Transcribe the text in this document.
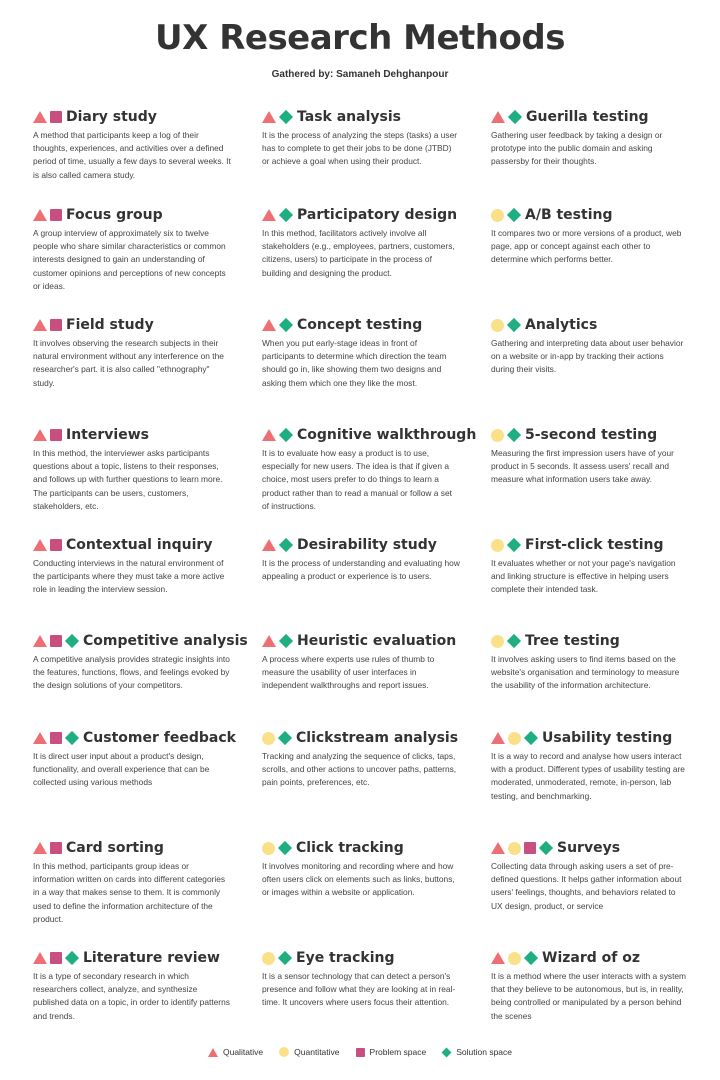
UX Research Methods
Gathered by: Samaneh Dehghanpour
Diary study
A method that participants keep a log of their thoughts, experiences, and activities over a defined period of time, usually a few days to several weeks. It is also called camera study.
Task analysis
It is the process of analyzing the steps (tasks) a user has to complete to get their jobs to be done (JTBD) or achieve a goal when using their product.
Guerilla testing
Gathering user feedback by taking a design or prototype into the public domain and asking passersby for their thoughts.
Focus group
A group interview of approximately six to twelve people who share similar characteristics or common interests designed to gain an understanding of customer opinions and perceptions of new concepts or ideas.
Participatory design
In this method, facilitators actively involve all stakeholders (e.g., employees, partners, customers, citizens, users) to participate in the process of building and designing the product.
A/B testing
It compares two or more versions of a product, web page, app or concept against each other to determine which performs better.
Field study
It involves observing the research subjects in their natural environment without any interference on the researcher's part. it is also called "ethnography" study.
Concept testing
When you put early-stage ideas in front of participants to determine which direction the team should go in, like showing them two designs and asking them which one they like the most.
Analytics
Gathering and interpreting data about user behavior on a website or in-app by tracking their actions during their visits.
Interviews
In this method, the interviewer asks participants questions about a topic, listens to their responses, and follows up with further questions to learn more. The participants can be users, customers, stakeholders, etc.
Cognitive walkthrough
It is to evaluate how easy a product is to use, especially for new users. The idea is that if given a choice, most users prefer to do things to learn a product rather than to read a manual or follow a set of instructions.
5-second testing
Measuring the first impression users have of your product in 5 seconds. It assess users' recall and measure what information users take away.
Contextual inquiry
Conducting interviews in the natural environment of the participants where they must take a more active role in leading the interview session.
Desirability study
It is the process of understanding and evaluating how appealing a product or experience is to users.
First-click testing
It evaluates whether or not your page's navigation and linking structure is effective in helping users complete their intended task.
Competitive analysis
A competitive analysis provides strategic insights into the features, functions, flows, and feelings evoked by the design solutions of your competitors.
Heuristic evaluation
A process where experts use rules of thumb to measure the usability of user interfaces in independent walkthroughs and report issues.
Tree testing
It involves asking users to find items based on the website's organisation and terminology to measure the usability of the information architecture.
Customer feedback
It is direct user input about a product's design, functionality, and overall experience that can be collected using various methods
Clickstream analysis
Tracking and analyzing the sequence of clicks, taps, scrolls, and other actions to uncover paths, patterns, pain points, preferences, etc.
Usability testing
It is a way to record and analyse how users interact with a product. Different types of usability testing are moderated, unmoderated, remote, in-person, lab testing, and benchmarking.
Card sorting
In this method, participants group ideas or information written on cards into different categories in a way that makes sense to them. It is commonly used to define the information architecture of the product.
Click tracking
It involves monitoring and recording where and how often users click on elements such as links, buttons, or images within a website or application.
Surveys
Collecting data through asking users a set of pre-defined questions. It helps gather information about users' feelings, thoughts, and behaviors related to UX design, product, or service
Literature review
It is a type of secondary research in which researchers collect, analyze, and synthesize published data on a topic, in order to identify patterns and trends.
Eye tracking
It is a sensor technology that can detect a person's presence and follow what they are looking at in real-time. It uncovers where users focus their attention.
Wizard of oz
It is a method where the user interacts with a system that they believe to be autonomous, but is, in reality, being controlled or manipulated by a person behind the scenes
Qualitative	Quantitative	Problem space	Solution space
